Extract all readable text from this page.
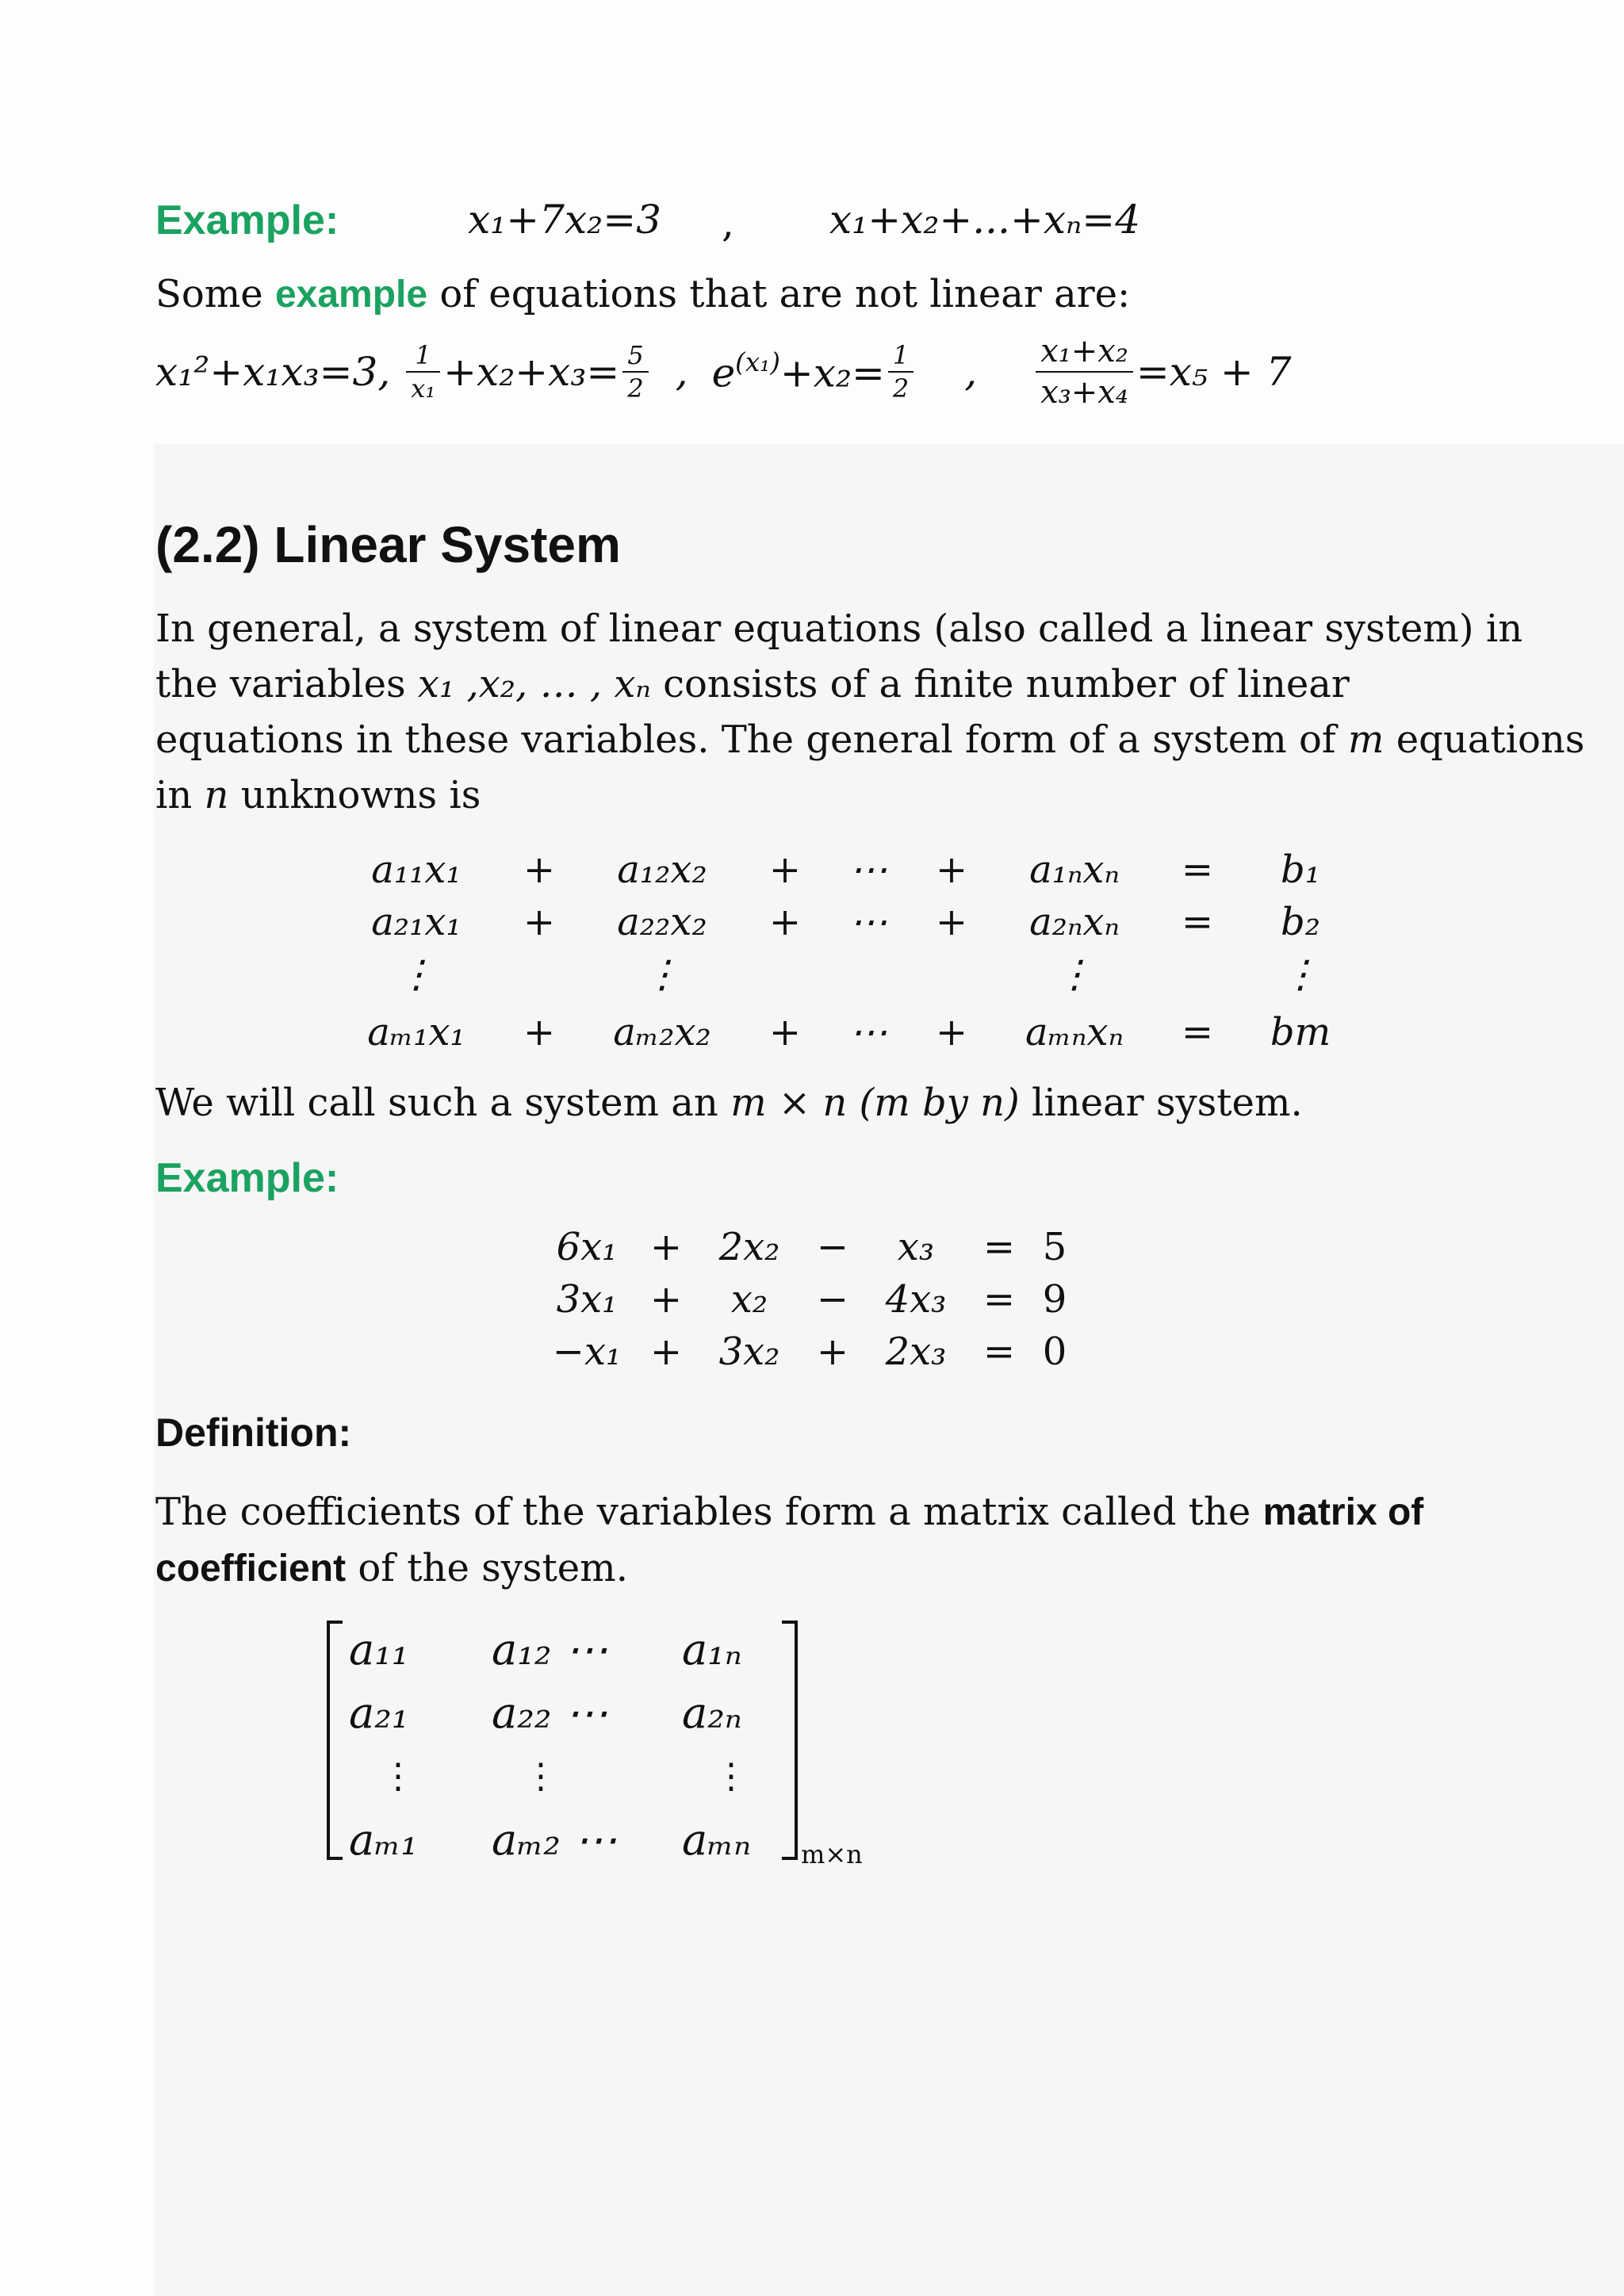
Example:	x₁+7x₂=3 , x₁+x₂+...+xₙ=4
Some example of equations that are not linear are:
x₁²+x₁x₃=3, $\frac{1}{\text{x₁}} +x_2+x_3= \frac{5}{2}$ , $e^{(x_1)}+x_2= \frac{1}{2}$ , $\frac{\text{x₁+x₂}}{\text{x₃+x₄}} =x_5 + 7$
(2.2) Linear System
In general, a system of linear equations (also called a linear system) in
the variables x₁ ,x₂, … , xₙ consists of a finite number of linear
equations in these variables. The general form of a system of m equations
in n unknowns is
a₁₁x₁	+	a₁₂x₂	+	⋯	+	a₁ₙxₙ	=	b₁
a₂₁x₁	+	a₂₂x₂	+	⋯	+	a₂ₙxₙ	=	b₂
⋮		⋮				⋮		⋮
aₘ₁x₁	+	aₘ₂x₂	+	⋯	+	aₘₙxₙ	=	bm
We will call such a system an m × n (m by n) linear system.
Example:
6x₁	+	2x₂	−	x₃	=	5
3x₁	+	x₂	−	4x₃	=	9
−x₁	+	3x₂	+	2x₃	=	0
Definition:
The coefficients of the variables form a matrix called the matrix of
coefficient of the system.
a₁₁	a₁₂ ⋯	a₁ₙ
a₂₁	a₂₂ ⋯	a₂ₙ
⋮	⋮	⋮
aₘ₁	aₘ₂ ⋯	aₘₙ m×n
